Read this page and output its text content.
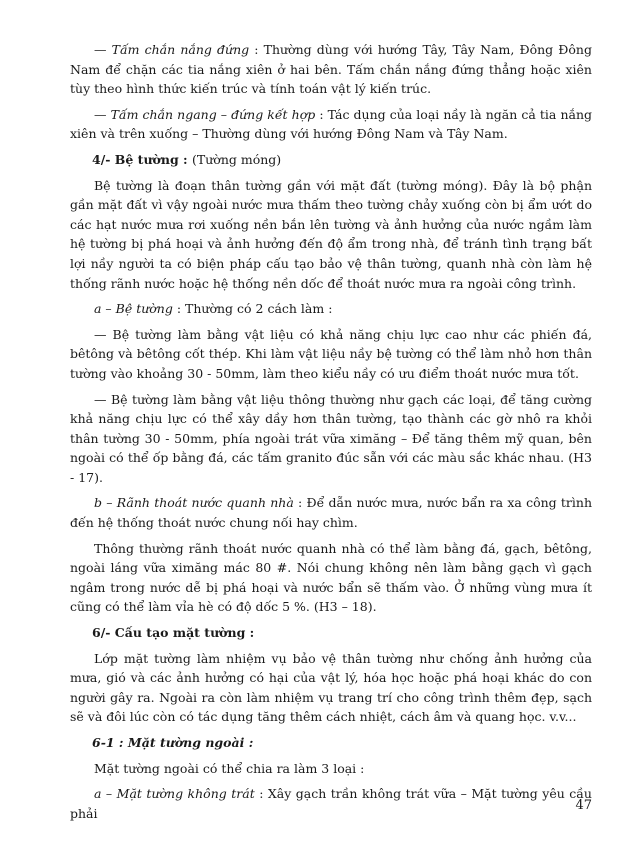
— Tấm chắn nắng đứng : Thường dùng với hướng Tây, Tây Nam, Đông Đông Nam để chặn các tia nắng xiên ở hai bên. Tấm chắn nắng đứng thẳng hoặc xiên tùy theo hình thức kiến trúc và tính toán vật lý kiến trúc.

— Tấm chắn ngang – đứng kết hợp : Tác dụng của loại nầy là ngăn cả tia nắng xiên và trên xuống – Thường dùng với hướng Đông Nam và Tây Nam.

4/- Bệ tường : (Tường móng)

Bệ tường là đoạn thân tường gần với mặt đất (tường móng). Đây là bộ phận gần mặt đất vì vậy ngoài nước mưa thấm theo tường chảy xuống còn bị ẩm ướt do các hạt nước mưa rơi xuống nền bắn lên tường và ảnh hưởng của nước ngầm làm hệ tường bị phá hoại và ảnh hưởng đến độ ẩm trong nhà, để tránh tình trạng bất lợi nầy người ta có biện pháp cấu tạo bảo vệ thân tường, quanh nhà còn làm hệ thống rãnh nước hoặc hệ thống nền dốc để thoát nước mưa ra ngoài công trình.

a – Bệ tường : Thường có 2 cách làm :

— Bệ tường làm bằng vật liệu có khả năng chịu lực cao như các phiến đá, bêtông và bêtông cốt thép. Khi làm vật liệu nầy bệ tường có thể làm nhỏ hơn thân tường vào khoảng 30 - 50mm, làm theo kiểu nầy có ưu điểm thoát nước mưa tốt.

— Bệ tường làm bằng vật liệu thông thường như gạch các loại, để tăng cường khả năng chịu lực có thể xây dầy hơn thân tường, tạo thành các gờ nhô ra khỏi thân tường 30 - 50mm, phía ngoài trát vữa ximăng – Để tăng thêm mỹ quan, bên ngoài có thể ốp bằng đá, các tấm granito đúc sẵn với các màu sắc khác nhau. (H3 - 17).

b – Rãnh thoát nước quanh nhà : Để dẫn nước mưa, nước bẩn ra xa công trình đến hệ thống thoát nước chung nối hay chìm.

Thông thường rãnh thoát nước quanh nhà có thể làm bằng đá, gạch, bêtông, ngoài láng vữa ximăng mác 80 #. Nói chung không nên làm bằng gạch vì gạch ngâm trong nước dễ bị phá hoại và nước bẩn sẽ thấm vào. Ở những vùng mưa ít cũng có thể làm vỉa hè có độ dốc 5 %. (H3 – 18).

6/- Cấu tạo mặt tường :

Lớp mặt tường làm nhiệm vụ bảo vệ thân tường như chống ảnh hưởng của mưa, gió và các ảnh hưởng có hại của vật lý, hóa học hoặc phá hoại khác do con người gây ra. Ngoài ra còn làm nhiệm vụ trang trí cho công trình thêm đẹp, sạch sẽ và đôi lúc còn có tác dụng tăng thêm cách nhiệt, cách âm và quang học. v.v...

6-1 : Mặt tường ngoài :

Mặt tường ngoài có thể chia ra làm 3 loại :

a – Mặt tường không trát : Xây gạch trần không trát vữa – Mặt tường yêu cầu phải

47
